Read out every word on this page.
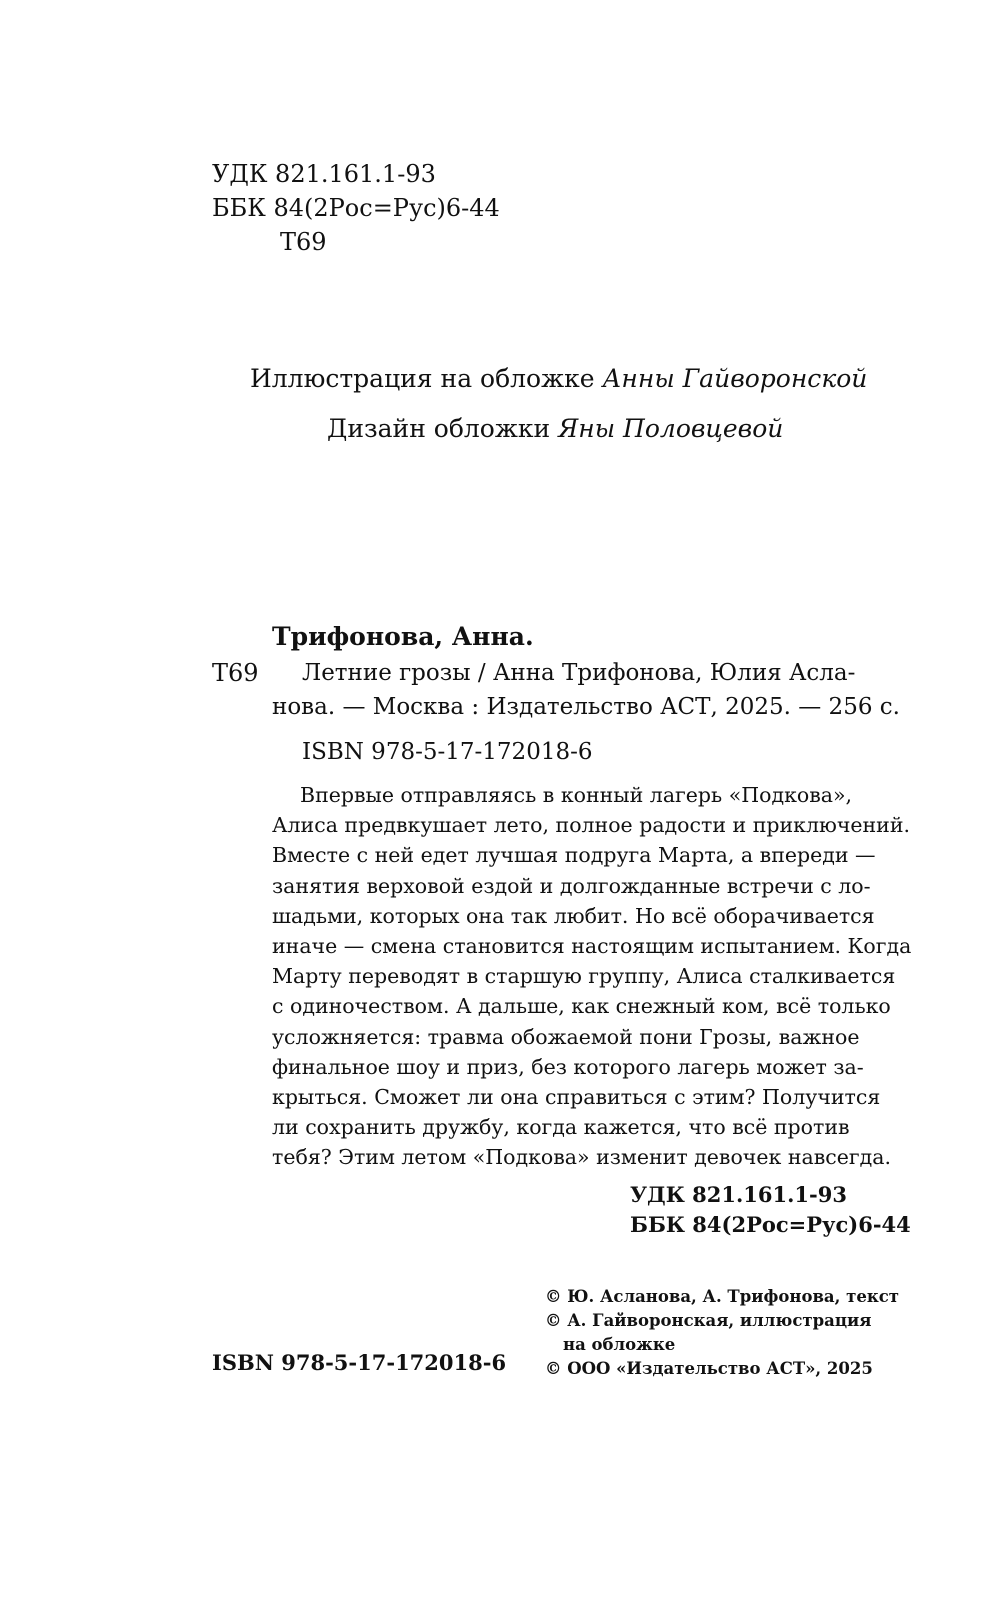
УДК 821.161.1-93
ББК 84(2Рос=Рус)6-44
Т69
Иллюстрация на обложке Анны Гайворонской
Дизайн обложки Яны Половцевой
Трифонова, Анна.
Т69 Летние грозы / Анна Трифонова, Юлия Асла-
нова. — Москва : Издательство АСТ, 2025. — 256 с.
ISBN 978-5-17-172018-6
Впервые отправляясь в конный лагерь «Подкова»,
Алиса предвкушает лето, полное радости и приключений.
Вместе с ней едет лучшая подруга Марта, а впереди —
занятия верховой ездой и долгожданные встречи с ло-
шадьми, которых она так любит. Но всё оборачивается
иначе — смена становится настоящим испытанием. Когда
Марту переводят в старшую группу, Алиса сталкивается
с одиночеством. А дальше, как снежный ком, всё только
усложняется: травма обожаемой пони Грозы, важное
финальное шоу и приз, без которого лагерь может за-
крыться. Сможет ли она справиться с этим? Получится
ли сохранить дружбу, когда кажется, что всё против
тебя? Этим летом «Подкова» изменит девочек навсегда.
УДК 821.161.1-93
ББК 84(2Рос=Рус)6-44
ISBN 978-5-17-172018-6
© Ю. Асланова, А. Трифонова, текст
© А. Гайворонская, иллюстрация
на обложке
© ООО «Издательство АСТ», 2025
